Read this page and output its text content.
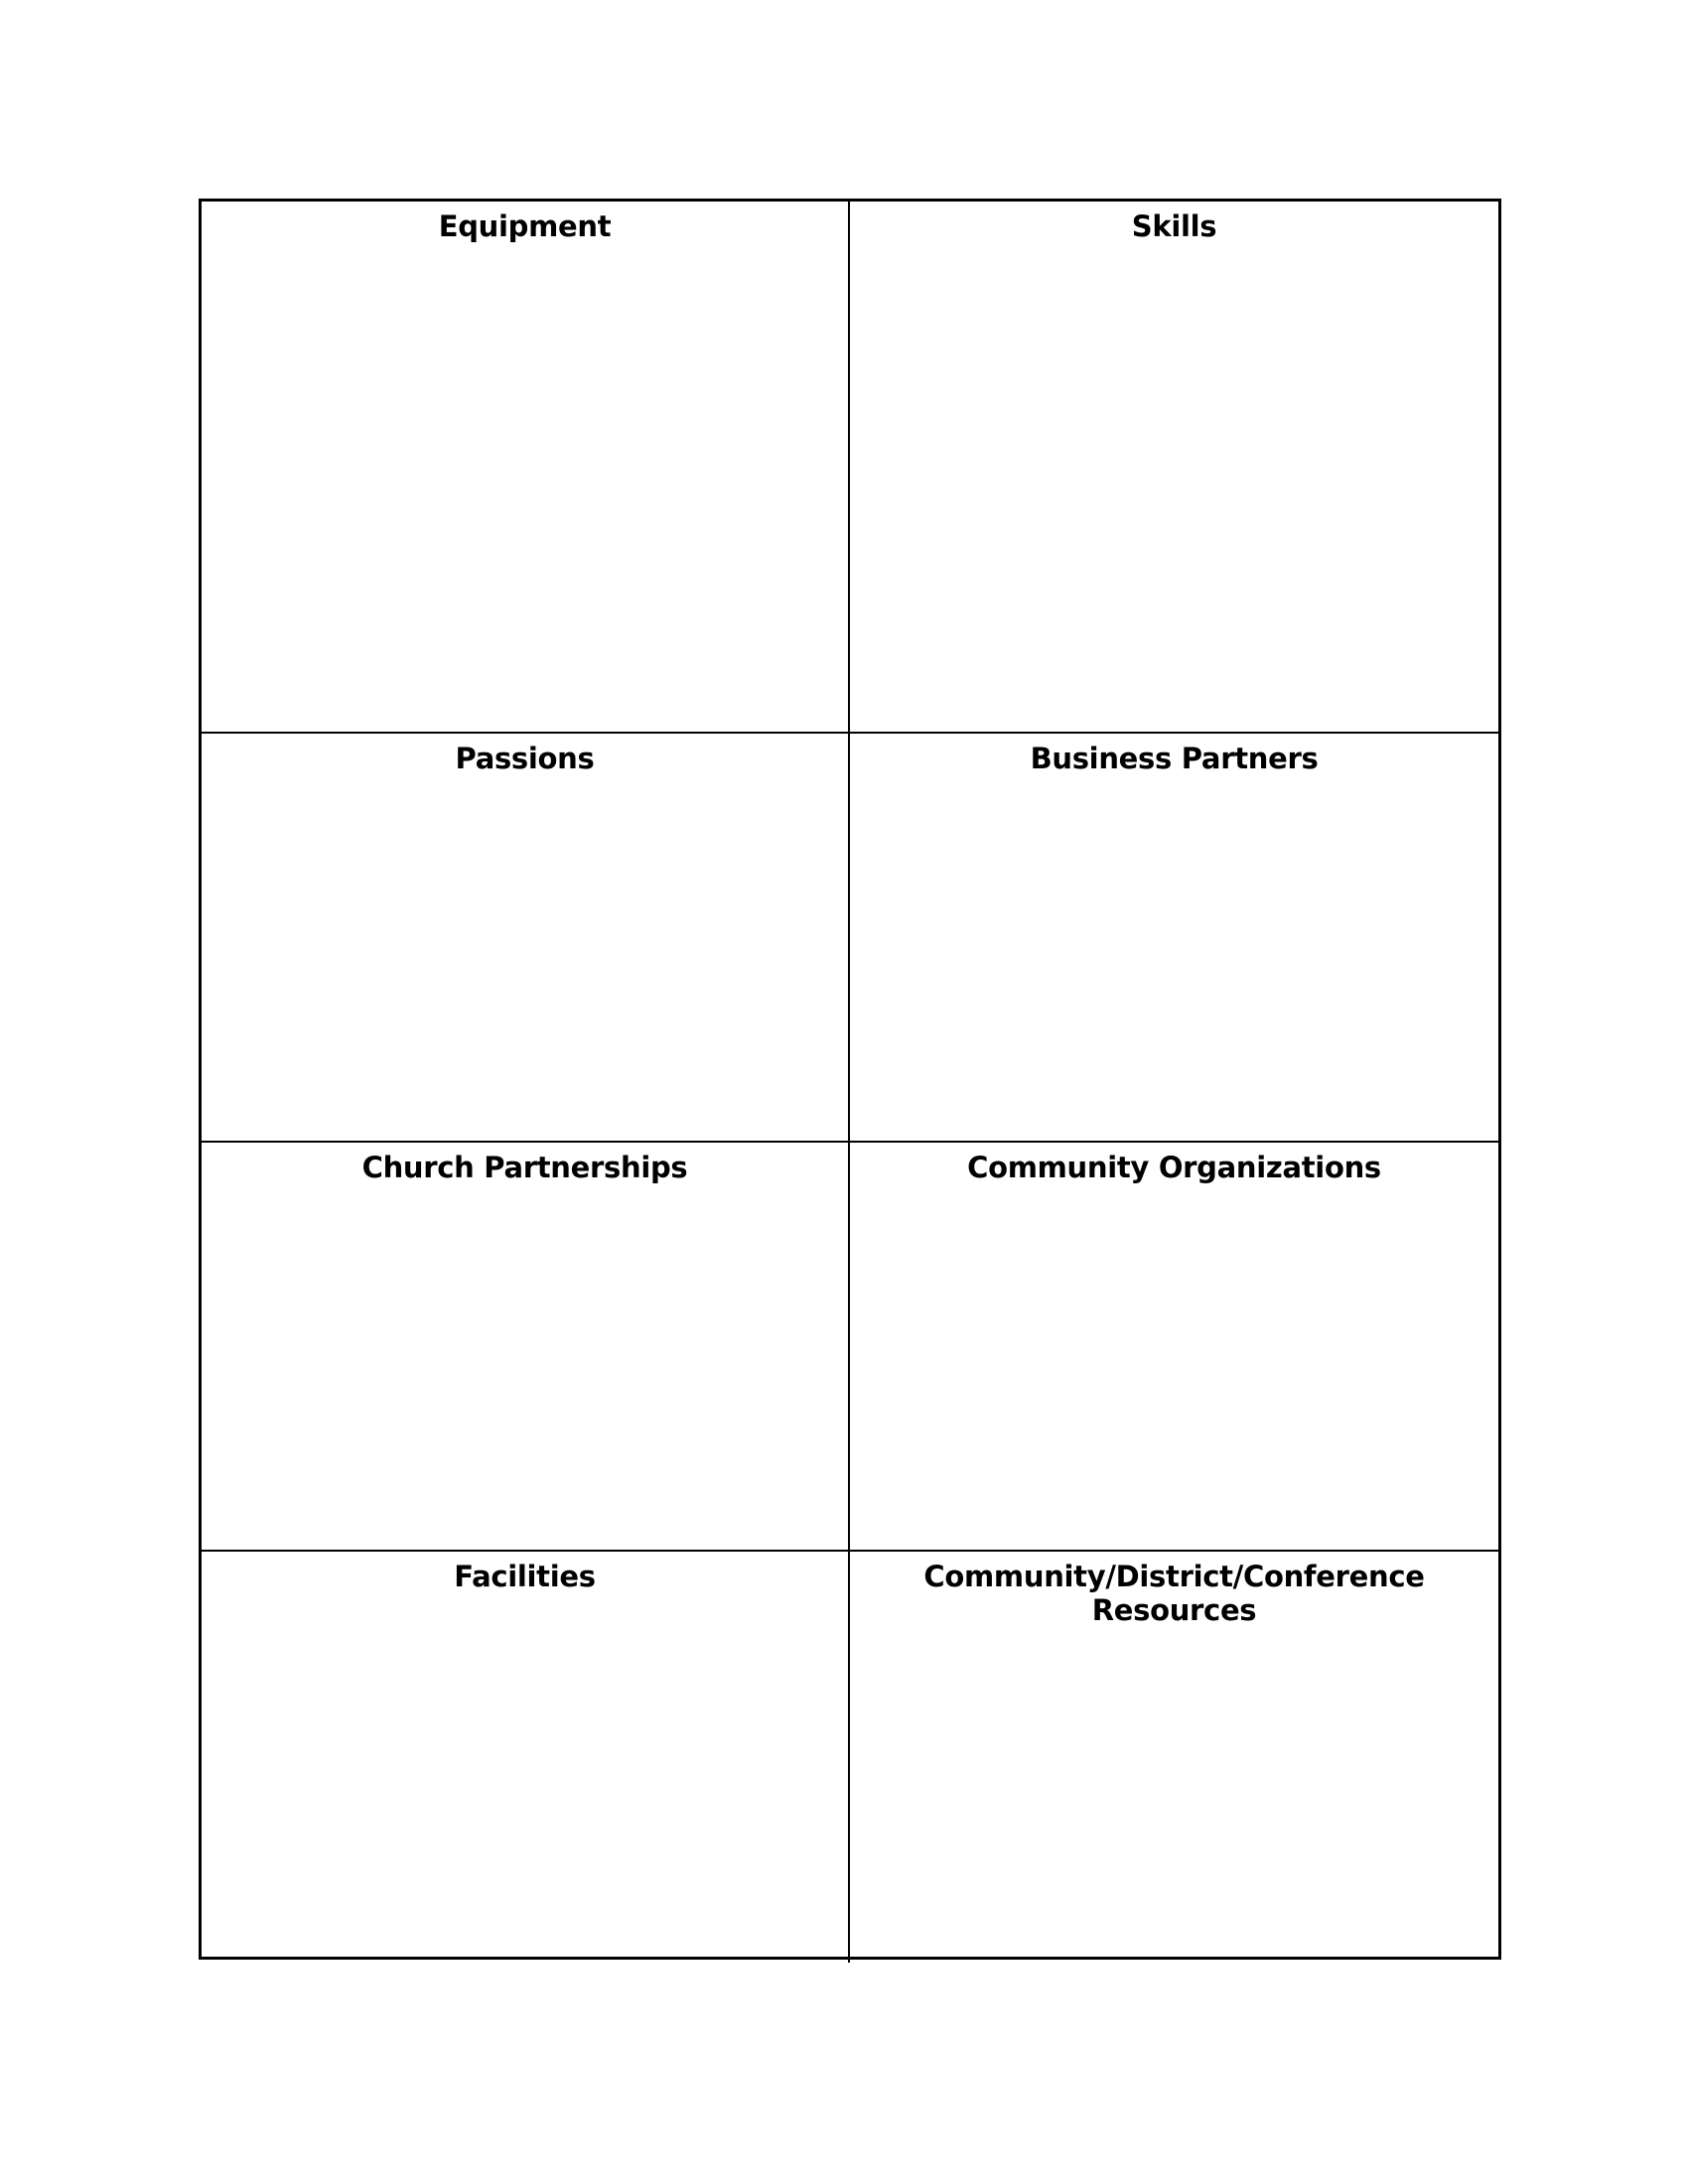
Equipment	Skills
Passions	Business Partners
Church Partnerships	Community Organizations
Facilities	Community/District/Conference Resources
